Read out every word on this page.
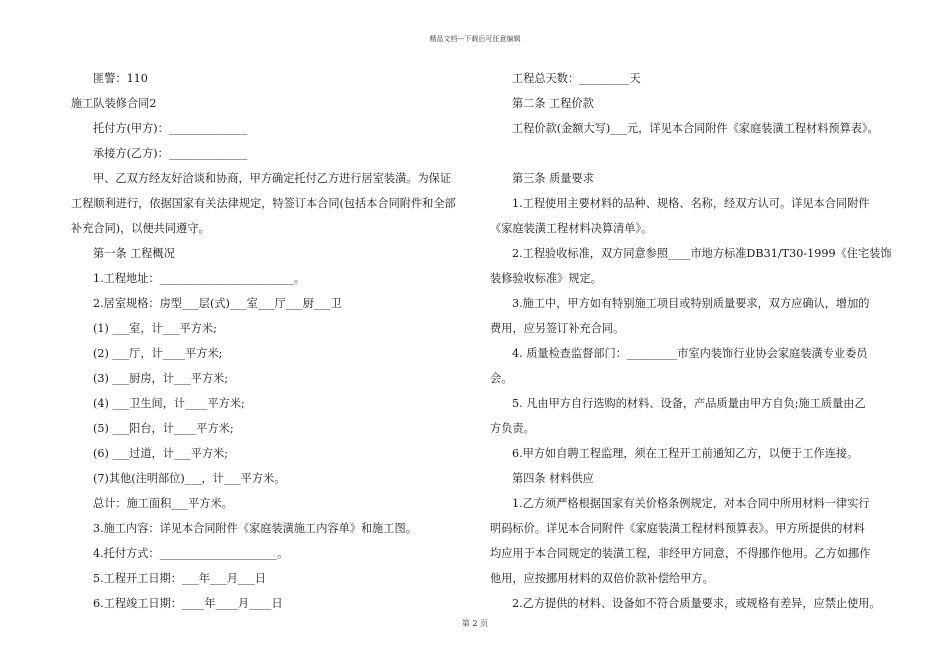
精品文档---下载后可任意编辑
匪警：110
施工队装修合同2
托付方(甲方)：______________
承接方(乙方)：______________
甲、乙双方经友好洽谈和协商，甲方确定托付乙方进行居室装潢。为保证
工程顺利进行，依据国家有关法律规定，特签订本合同(包括本合同附件和全部
补充合同)，以便共同遵守。
第一条 工程概况
1.工程地址：________________________。
2.居室规格：房型___层(式)___室___厅___厨___卫
(1) ___室，计___平方米;
(2) ___厅，计____平方米;
(3) ___厨房，计___平方米;
(4) ___卫生间，计____平方米;
(5) ___阳台，计____平方米;
(6) ___过道，计___平方米;
(7)其他(注明部位)___，计___平方米。
总计：施工面积___平方米。
3.施工内容：详见本合同附件《家庭装潢施工内容单》和施工图。
4.托付方式：_____________________。
5.工程开工日期：___年___月___日
6.工程竣工日期：____年____月____日
工程总天数：_________天
第二条 工程价款
工程价款(金额大写)___元，详见本合同附件《家庭装潢工程材料预算表》。
第三条 质量要求
1.工程使用主要材料的品种、规格、名称，经双方认可。详见本合同附件
《家庭装潢工程材料决算清单》。
2.工程验收标准，双方同意参照____市地方标准DB31/T30-1999《住宅装饰
装修验收标准》规定。
3.施工中，甲方如有特别施工项目或特别质量要求，双方应确认，增加的
费用，应另签订补充合同。
4. 质量检查监督部门：_________市室内装饰行业协会家庭装潢专业委员
会。
5. 凡由甲方自行选购的材料、设备，产品质量由甲方自负;施工质量由乙
方负责。
6.甲方如自聘工程监理，须在工程开工前通知乙方，以便于工作连接。
第四条 材料供应
1.乙方须严格根据国家有关价格条例规定，对本合同中所用材料一律实行
明码标价。详见本合同附件《家庭装潢工程材料预算表》。甲方所提供的材料
均应用于本合同规定的装潢工程，非经甲方同意，不得挪作他用。乙方如挪作
他用，应按挪用材料的双倍价款补偿给甲方。
2.乙方提供的材料、设备如不符合质量要求，或规格有差异，应禁止使用。
第 2 页
